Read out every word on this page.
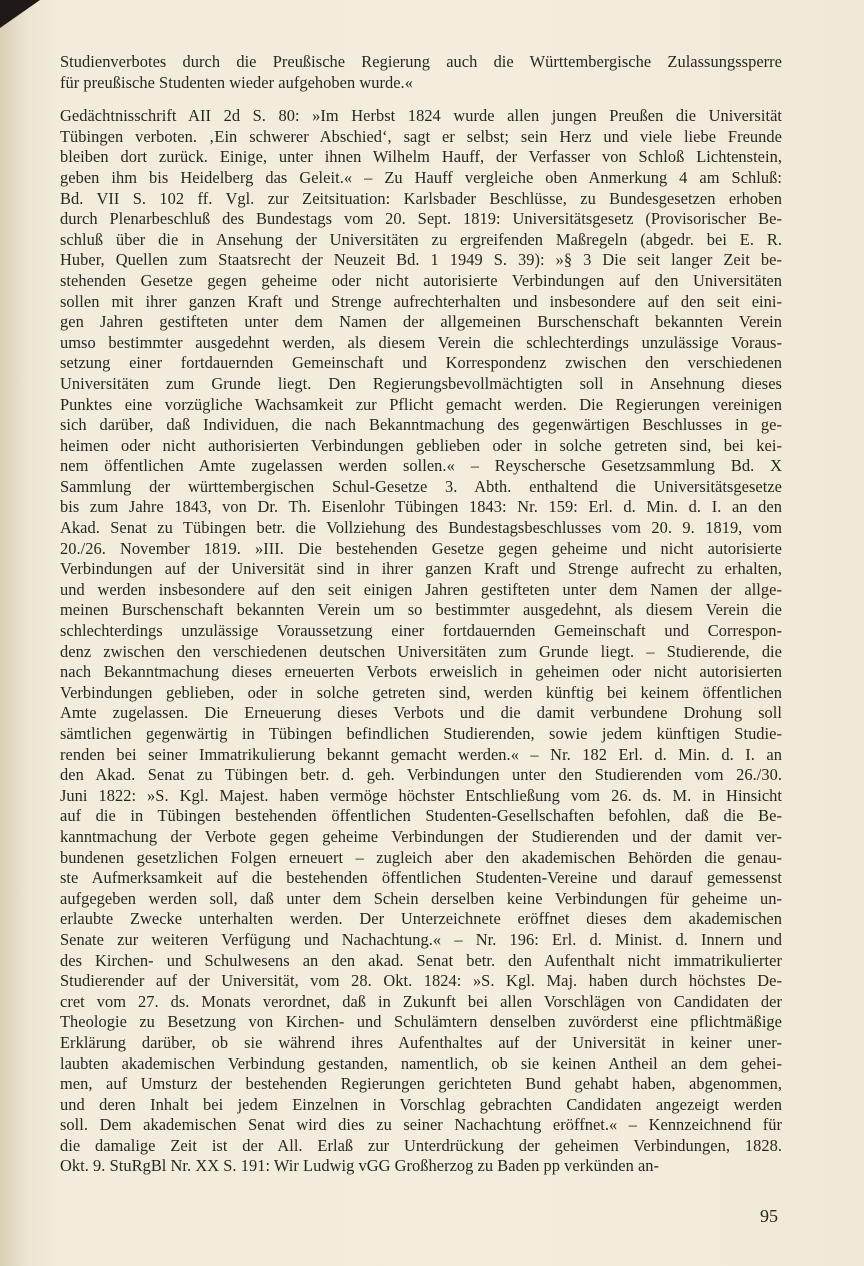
Studienverbotes durch die Preußische Regierung auch die Württembergische Zulassungssperre
für preußische Studenten wieder aufgehoben wurde.«
Gedächtnisschrift AII 2d S. 80: »Im Herbst 1824 wurde allen jungen Preußen die Universität
Tübingen verboten. ‚Ein schwerer Abschied‘, sagt er selbst; sein Herz und viele liebe Freunde
bleiben dort zurück. Einige, unter ihnen Wilhelm Hauff, der Verfasser von Schloß Lichtenstein,
geben ihm bis Heidelberg das Geleit.« – Zu Hauff vergleiche oben Anmerkung 4 am Schluß:
Bd. VII S. 102 ff. Vgl. zur Zeitsituation: Karlsbader Beschlüsse, zu Bundesgesetzen erhoben
durch Plenarbeschluß des Bundestags vom 20. Sept. 1819: Universitätsgesetz (Provisorischer Be-
schluß über die in Ansehung der Universitäten zu ergreifenden Maßregeln (abgedr. bei E. R.
Huber, Quellen zum Staatsrecht der Neuzeit Bd. 1 1949 S. 39): »§ 3 Die seit langer Zeit be-
stehenden Gesetze gegen geheime oder nicht autorisierte Verbindungen auf den Universitäten
sollen mit ihrer ganzen Kraft und Strenge aufrechterhalten und insbesondere auf den seit eini-
gen Jahren gestifteten unter dem Namen der allgemeinen Burschenschaft bekannten Verein
umso bestimmter ausgedehnt werden, als diesem Verein die schlechterdings unzulässige Voraus-
setzung einer fortdauernden Gemeinschaft und Korrespondenz zwischen den verschiedenen
Universitäten zum Grunde liegt. Den Regierungsbevollmächtigten soll in Ansehnung dieses
Punktes eine vorzügliche Wachsamkeit zur Pflicht gemacht werden. Die Regierungen vereinigen
sich darüber, daß Individuen, die nach Bekanntmachung des gegenwärtigen Beschlusses in ge-
heimen oder nicht authorisierten Verbindungen geblieben oder in solche getreten sind, bei kei-
nem öffentlichen Amte zugelassen werden sollen.« – Reyschersche Gesetzsammlung Bd. X
Sammlung der württembergischen Schul-Gesetze 3. Abth. enthaltend die Universitätsgesetze
bis zum Jahre 1843, von Dr. Th. Eisenlohr Tübingen 1843: Nr. 159: Erl. d. Min. d. I. an den
Akad. Senat zu Tübingen betr. die Vollziehung des Bundestagsbeschlusses vom 20. 9. 1819, vom
20./26. November 1819. »III. Die bestehenden Gesetze gegen geheime und nicht autorisierte
Verbindungen auf der Universität sind in ihrer ganzen Kraft und Strenge aufrecht zu erhalten,
und werden insbesondere auf den seit einigen Jahren gestifteten unter dem Namen der allge-
meinen Burschenschaft bekannten Verein um so bestimmter ausgedehnt, als diesem Verein die
schlechterdings unzulässige Voraussetzung einer fortdauernden Gemeinschaft und Correspon-
denz zwischen den verschiedenen deutschen Universitäten zum Grunde liegt. – Studierende, die
nach Bekanntmachung dieses erneuerten Verbots erweislich in geheimen oder nicht autorisierten
Verbindungen geblieben, oder in solche getreten sind, werden künftig bei keinem öffentlichen
Amte zugelassen. Die Erneuerung dieses Verbots und die damit verbundene Drohung soll
sämtlichen gegenwärtig in Tübingen befindlichen Studierenden, sowie jedem künftigen Studie-
renden bei seiner Immatrikulierung bekannt gemacht werden.« – Nr. 182 Erl. d. Min. d. I. an
den Akad. Senat zu Tübingen betr. d. geh. Verbindungen unter den Studierenden vom 26./30.
Juni 1822: »S. Kgl. Majest. haben vermöge höchster Entschließung vom 26. ds. M. in Hinsicht
auf die in Tübingen bestehenden öffentlichen Studenten-Gesellschaften befohlen, daß die Be-
kanntmachung der Verbote gegen geheime Verbindungen der Studierenden und der damit ver-
bundenen gesetzlichen Folgen erneuert – zugleich aber den akademischen Behörden die genau-
ste Aufmerksamkeit auf die bestehenden öffentlichen Studenten-Vereine und darauf gemessenst
aufgegeben werden soll, daß unter dem Schein derselben keine Verbindungen für geheime un-
erlaubte Zwecke unterhalten werden. Der Unterzeichnete eröffnet dieses dem akademischen
Senate zur weiteren Verfügung und Nachachtung.« – Nr. 196: Erl. d. Minist. d. Innern und
des Kirchen- und Schulwesens an den akad. Senat betr. den Aufenthalt nicht immatrikulierter
Studierender auf der Universität, vom 28. Okt. 1824: »S. Kgl. Maj. haben durch höchstes De-
cret vom 27. ds. Monats verordnet, daß in Zukunft bei allen Vorschlägen von Candidaten der
Theologie zu Besetzung von Kirchen- und Schulämtern denselben zuvörderst eine pflichtmäßige
Erklärung darüber, ob sie während ihres Aufenthaltes auf der Universität in keiner uner-
laubten akademischen Verbindung gestanden, namentlich, ob sie keinen Antheil an dem gehei-
men, auf Umsturz der bestehenden Regierungen gerichteten Bund gehabt haben, abgenommen,
und deren Inhalt bei jedem Einzelnen in Vorschlag gebrachten Candidaten angezeigt werden
soll. Dem akademischen Senat wird dies zu seiner Nachachtung eröffnet.« – Kennzeichnend für
die damalige Zeit ist der All. Erlaß zur Unterdrückung der geheimen Verbindungen, 1828.
Okt. 9. StuRgBl Nr. XX S. 191: Wir Ludwig vGG Großherzog zu Baden pp verkünden an-
95
